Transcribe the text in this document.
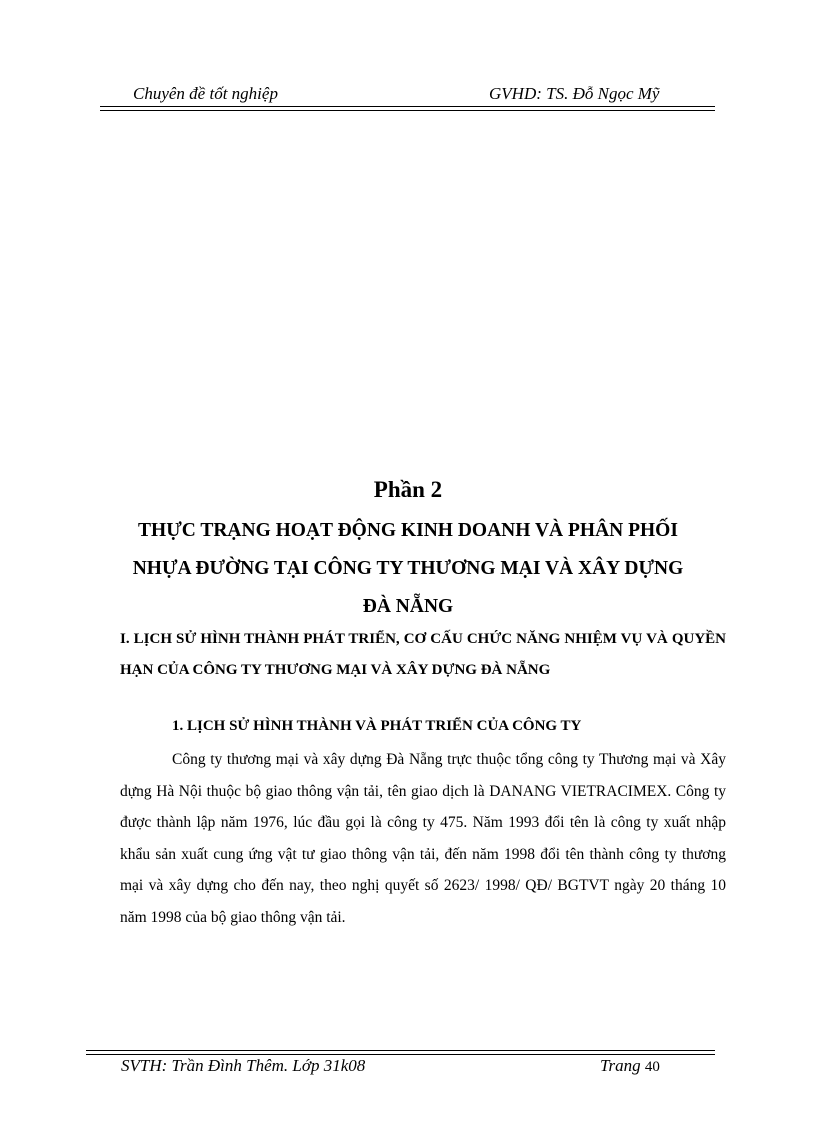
Chuyên đề tốt nghiệp	GVHD: TS. Đỗ Ngọc Mỹ
Phần 2
THỰC TRẠNG HOẠT ĐỘNG KINH DOANH VÀ PHÂN PHỐI NHỰA ĐƯỜNG TẠI CÔNG TY THƯƠNG MẠI VÀ XÂY DỰNG ĐÀ NẴNG
I. LỊCH SỬ HÌNH THÀNH PHÁT TRIỂN, CƠ CẤU CHỨC NĂNG NHIỆM VỤ VÀ QUYỀN HẠN CỦA CÔNG TY THƯƠNG MẠI VÀ XÂY DỰNG ĐÀ NẴNG
1. LỊCH SỬ HÌNH THÀNH VÀ PHÁT TRIỂN CỦA CÔNG TY
Công ty thương mại và xây dựng Đà Nẵng trực thuộc tổng công ty Thương mại và Xây dựng Hà Nội thuộc bộ giao thông vận tải, tên giao dịch là DANANG VIETRACIMEX. Công ty được thành lập năm 1976, lúc đầu gọi là công ty 475. Năm 1993 đổi tên là công ty xuất nhập khẩu sản xuất cung ứng vật tư giao thông vận tải, đến năm 1998 đổi tên thành công ty thương mại và xây dựng cho đến nay, theo nghị quyết số 2623/ 1998/ QĐ/ BGTVT ngày 20 tháng 10 năm 1998 của bộ giao thông vận tải.
SVTH: Trần Đình Thêm. Lớp 31k08	Trang 40
